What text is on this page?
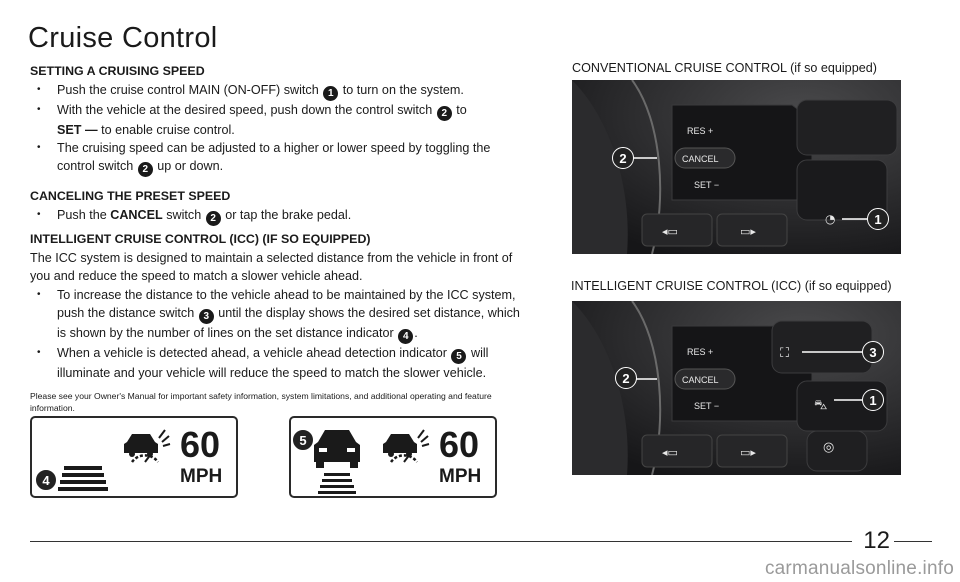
Cruise Control
SETTING A CRUISING SPEED
• Push the cruise control MAIN (ON-OFF) switch 1 to turn on the system.
• With the vehicle at the desired speed, push down the control switch 2 to
SET — to enable cruise control.
• The cruising speed can be adjusted to a higher or lower speed by toggling the control switch 2 up or down.
CANCELING THE PRESET SPEED
• Push the CANCEL switch 2 or tap the brake pedal.
INTELLIGENT CRUISE CONTROL (ICC) (IF SO EQUIPPED)
The ICC system is designed to maintain a selected distance from the vehicle in front of you and reduce the speed to match a slower vehicle ahead.
• To increase the distance to the vehicle ahead to be maintained by the ICC system, push the distance switch 3 until the display shows the desired set distance, which is shown by the number of lines on the set distance indicator 4 .
• When a vehicle is detected ahead, a vehicle ahead detection indicator 5 will illuminate and your vehicle will reduce the speed to match the slower vehicle.
Please see your Owner's Manual for important safety information, system limitations, and additional operating and feature information.
CONVENTIONAL CRUISE CONTROL (if so equipped)
RES +
CANCEL
SET −
◂▭	▭▸
◔
2
1
INTELLIGENT CRUISE CONTROL (ICC) (if so equipped)
RES +
CANCEL
SET −
◂▭	▭▸
⛶
⛍
◎
2
3
1
60
MPH
4
60
MPH
5
12
carmanualsonline.info
